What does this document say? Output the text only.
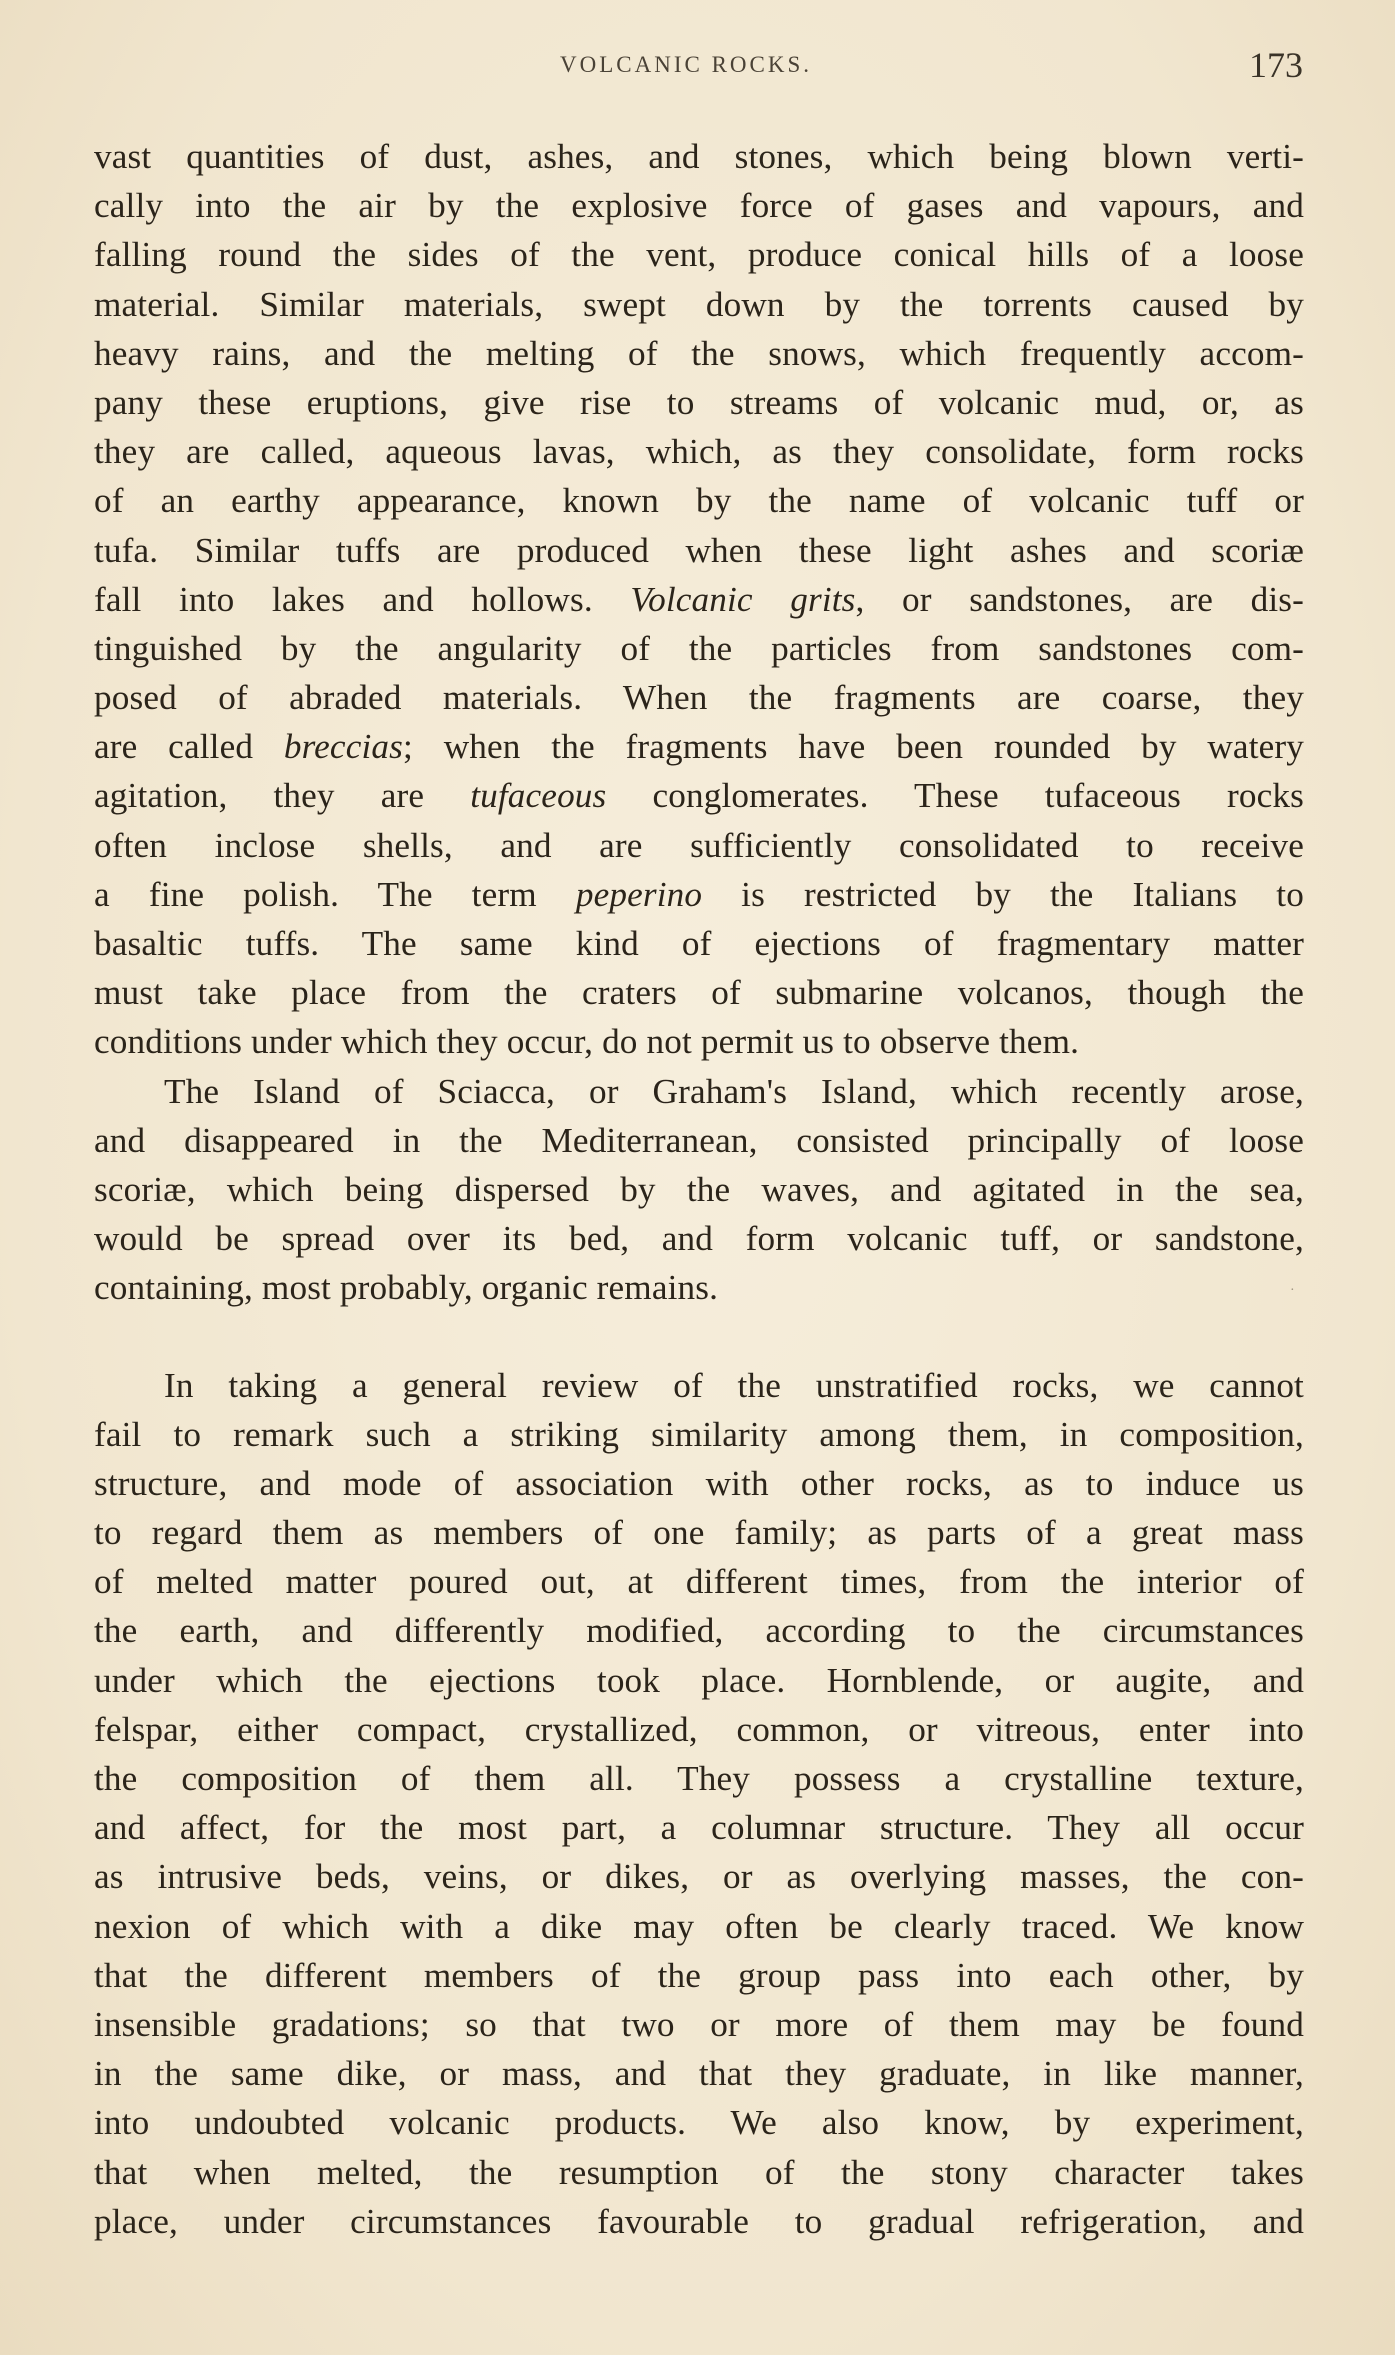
VOLCANIC ROCKS.	173
vast quantities of dust, ashes, and stones, which being blown verti-
cally into the air by the explosive force of gases and vapours, and
falling round the sides of the vent, produce conical hills of a loose
material. Similar materials, swept down by the torrents caused by
heavy rains, and the melting of the snows, which frequently accom-
pany these eruptions, give rise to streams of volcanic mud, or, as
they are called, aqueous lavas, which, as they consolidate, form rocks
of an earthy appearance, known by the name of volcanic tuff or
tufa. Similar tuffs are produced when these light ashes and scoriæ
fall into lakes and hollows. Volcanic grits, or sandstones, are dis-
tinguished by the angularity of the particles from sandstones com-
posed of abraded materials. When the fragments are coarse, they
are called breccias; when the fragments have been rounded by watery
agitation, they are tufaceous conglomerates. These tufaceous rocks
often inclose shells, and are sufficiently consolidated to receive
a fine polish. The term peperino is restricted by the Italians to
basaltic tuffs. The same kind of ejections of fragmentary matter
must take place from the craters of submarine volcanos, though the
conditions under which they occur, do not permit us to observe them.
The Island of Sciacca, or Graham's Island, which recently arose,
and disappeared in the Mediterranean, consisted principally of loose
scoriæ, which being dispersed by the waves, and agitated in the sea,
would be spread over its bed, and form volcanic tuff, or sandstone,
containing, most probably, organic remains.
In taking a general review of the unstratified rocks, we cannot
fail to remark such a striking similarity among them, in composition,
structure, and mode of association with other rocks, as to induce us
to regard them as members of one family; as parts of a great mass
of melted matter poured out, at different times, from the interior of
the earth, and differently modified, according to the circumstances
under which the ejections took place. Hornblende, or augite, and
felspar, either compact, crystallized, common, or vitreous, enter into
the composition of them all. They possess a crystalline texture,
and affect, for the most part, a columnar structure. They all occur
as intrusive beds, veins, or dikes, or as overlying masses, the con-
nexion of which with a dike may often be clearly traced. We know
that the different members of the group pass into each other, by
insensible gradations; so that two or more of them may be found
in the same dike, or mass, and that they graduate, in like manner,
into undoubted volcanic products. We also know, by experiment,
that when melted, the resumption of the stony character takes
place, under circumstances favourable to gradual refrigeration, and
·
